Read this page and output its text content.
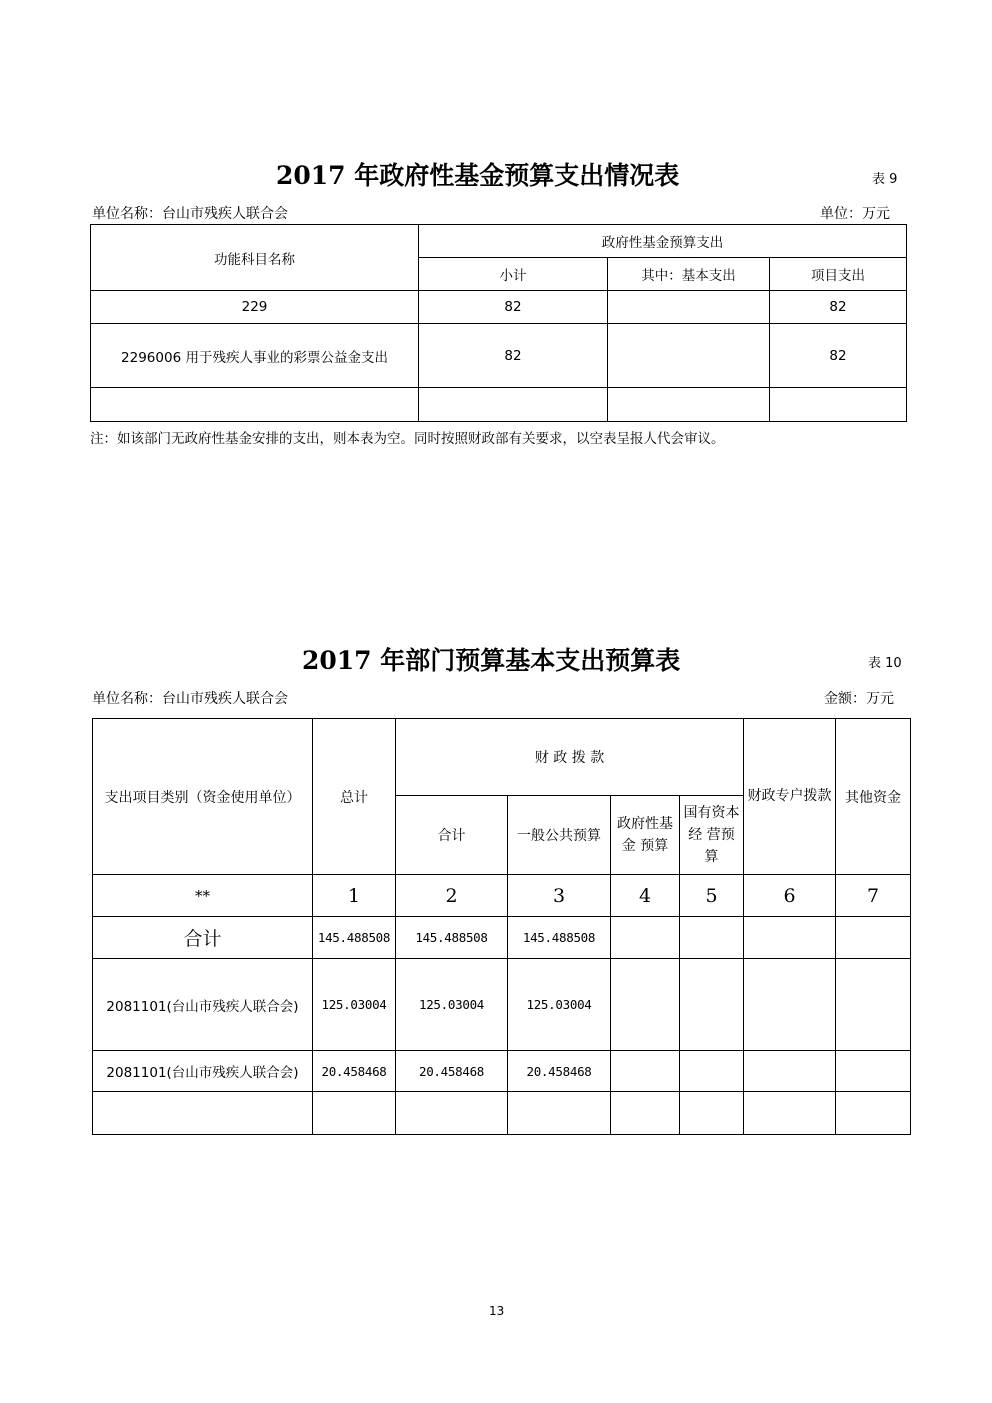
2017 年政府性基金预算支出情况表	表 9
单位名称：台山市残疾人联合会	单位：万元
功能科目名称	政府性基金预算支出		
	小计	其中：基本支出	项目支出
229	82		82
2296006 用于残疾人事业的彩票公益金支出	82		82

注：如该部门无政府性基金安排的支出，则本表为空。同时按照财政部有关要求，以空表呈报人代会审议。
2017 年部门预算基本支出预算表	表 10
单位名称：台山市残疾人联合会	金额：万元
支出项目类别（资金使用单位）	总计	财 政 拨 款				财政专户拨款	其他资金
		合计	一般公共预算	政府性基金 预算	国有资本经 营预算		
**	1	2	3	4	5	6	7
合计	145.488508	145.488508	145.488508				
2081101(台山市残疾人联合会)	125.03004	125.03004	125.03004				
2081101(台山市残疾人联合会)	20.458468	20.458468	20.458468				

13
